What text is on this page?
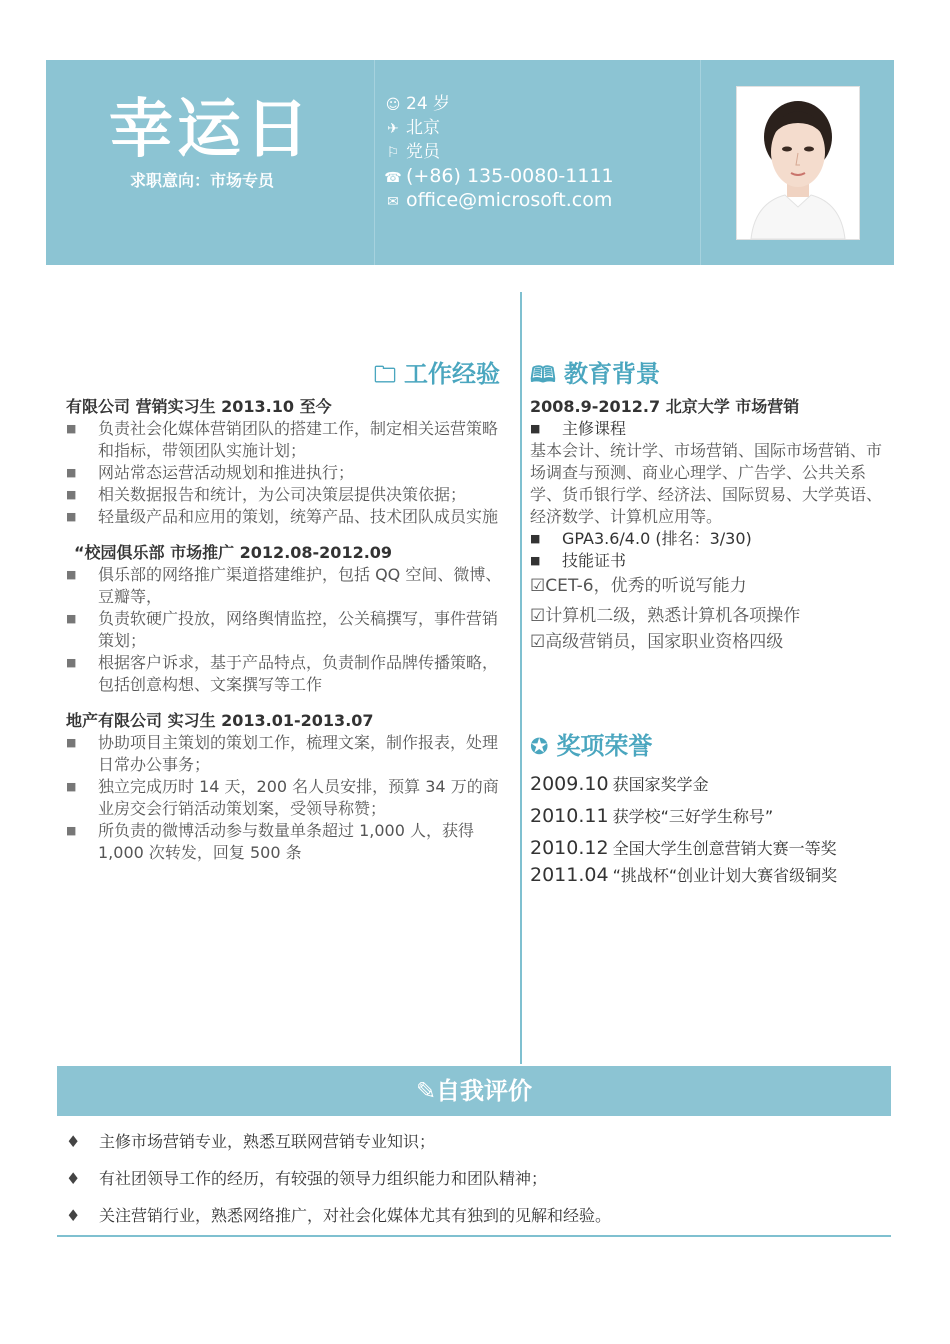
幸运日
求职意向：市场专员
☺ 24 岁
✈ 北京
⚐ 党员
☎ (+86) 135-0080-1111
✉ office@microsoft.com
🗀 工作经验
有限公司 营销实习生 2013.10 至今
■ 负责社会化媒体营销团队的搭建工作，制定相关运营策略和指标，带领团队实施计划；
■ 网站常态运营活动规划和推进执行；
■ 相关数据报告和统计，为公司决策层提供决策依据；
■ 轻量级产品和应用的策划，统筹产品、技术团队成员实施
“校园俱乐部 市场推广 2012.08-2012.09
■ 俱乐部的网络推广渠道搭建维护，包括 QQ 空间、微博、豆瓣等，
■ 负责软硬广投放，网络舆情监控，公关稿撰写，事件营销策划；
■ 根据客户诉求，基于产品特点，负责制作品牌传播策略，包括创意构想、文案撰写等工作
地产有限公司 实习生 2013.01-2013.07
■ 协助项目主策划的策划工作，梳理文案，制作报表，处理日常办公事务；
■ 独立完成历时 14 天，200 名人员安排，预算 34 万的商业房交会行销活动策划案，受领导称赞；
■ 所负责的微博活动参与数量单条超过 1,000 人，获得 1,000 次转发，回复 500 条
🕮 教育背景
2008.9-2012.7 北京大学 市场营销
■ 主修课程
基本会计、统计学、市场营销、国际市场营销、市场调查与预测、商业心理学、广告学、公共关系学、货币银行学、经济法、国际贸易、大学英语、经济数学、计算机应用等。
■ GPA3.6/4.0 (排名：3/30)
■ 技能证书
☑CET-6，优秀的听说写能力
☑计算机二级，熟悉计算机各项操作
☑高级营销员，国家职业资格四级
✪ 奖项荣誉
2009.10 获国家奖学金
2010.11 获学校“三好学生称号”
2010.12 全国大学生创意营销大赛一等奖
2011.04 “挑战杯“创业计划大赛省级铜奖
✎自我评价
♦ 主修市场营销专业，熟悉互联网营销专业知识；
♦ 有社团领导工作的经历，有较强的领导力组织能力和团队精神；
♦ 关注营销行业，熟悉网络推广，对社会化媒体尤其有独到的见解和经验。
